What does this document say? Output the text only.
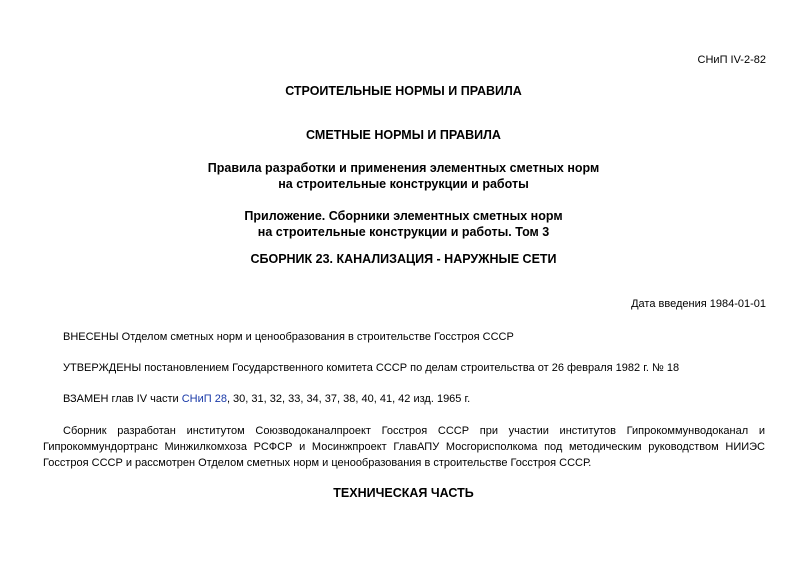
СНиП IV-2-82
СТРОИТЕЛЬНЫЕ НОРМЫ И ПРАВИЛА
СМЕТНЫЕ НОРМЫ И ПРАВИЛА
Правила разработки и применения элементных сметных норм
на строительные конструкции и работы
Приложение. Сборники элементных сметных норм
на строительные конструкции и работы. Том 3
СБОРНИК 23. КАНАЛИЗАЦИЯ - НАРУЖНЫЕ СЕТИ
Дата введения 1984-01-01
ВНЕСЕНЫ Отделом сметных норм и ценообразования в строительстве Госстроя СССР
УТВЕРЖДЕНЫ постановлением Государственного комитета СССР по делам строительства от 26 февраля 1982 г. № 18
ВЗАМЕН глав IV части СНиП 28, 30, 31, 32, 33, 34, 37, 38, 40, 41, 42 изд. 1965 г.
Сборник разработан институтом Союзводоканалпроект Госстроя СССР при участии институтов Гипрокоммунводоканал и Гипрокоммундортранс Минжилкомхоза РСФСР и Мосинжпроект ГлавАПУ Мосгорисполкома под методическим руководством НИИЭС Госстроя СССР и рассмотрен Отделом сметных норм и ценообразования в строительстве Госстроя СССР.
ТЕХНИЧЕСКАЯ ЧАСТЬ
